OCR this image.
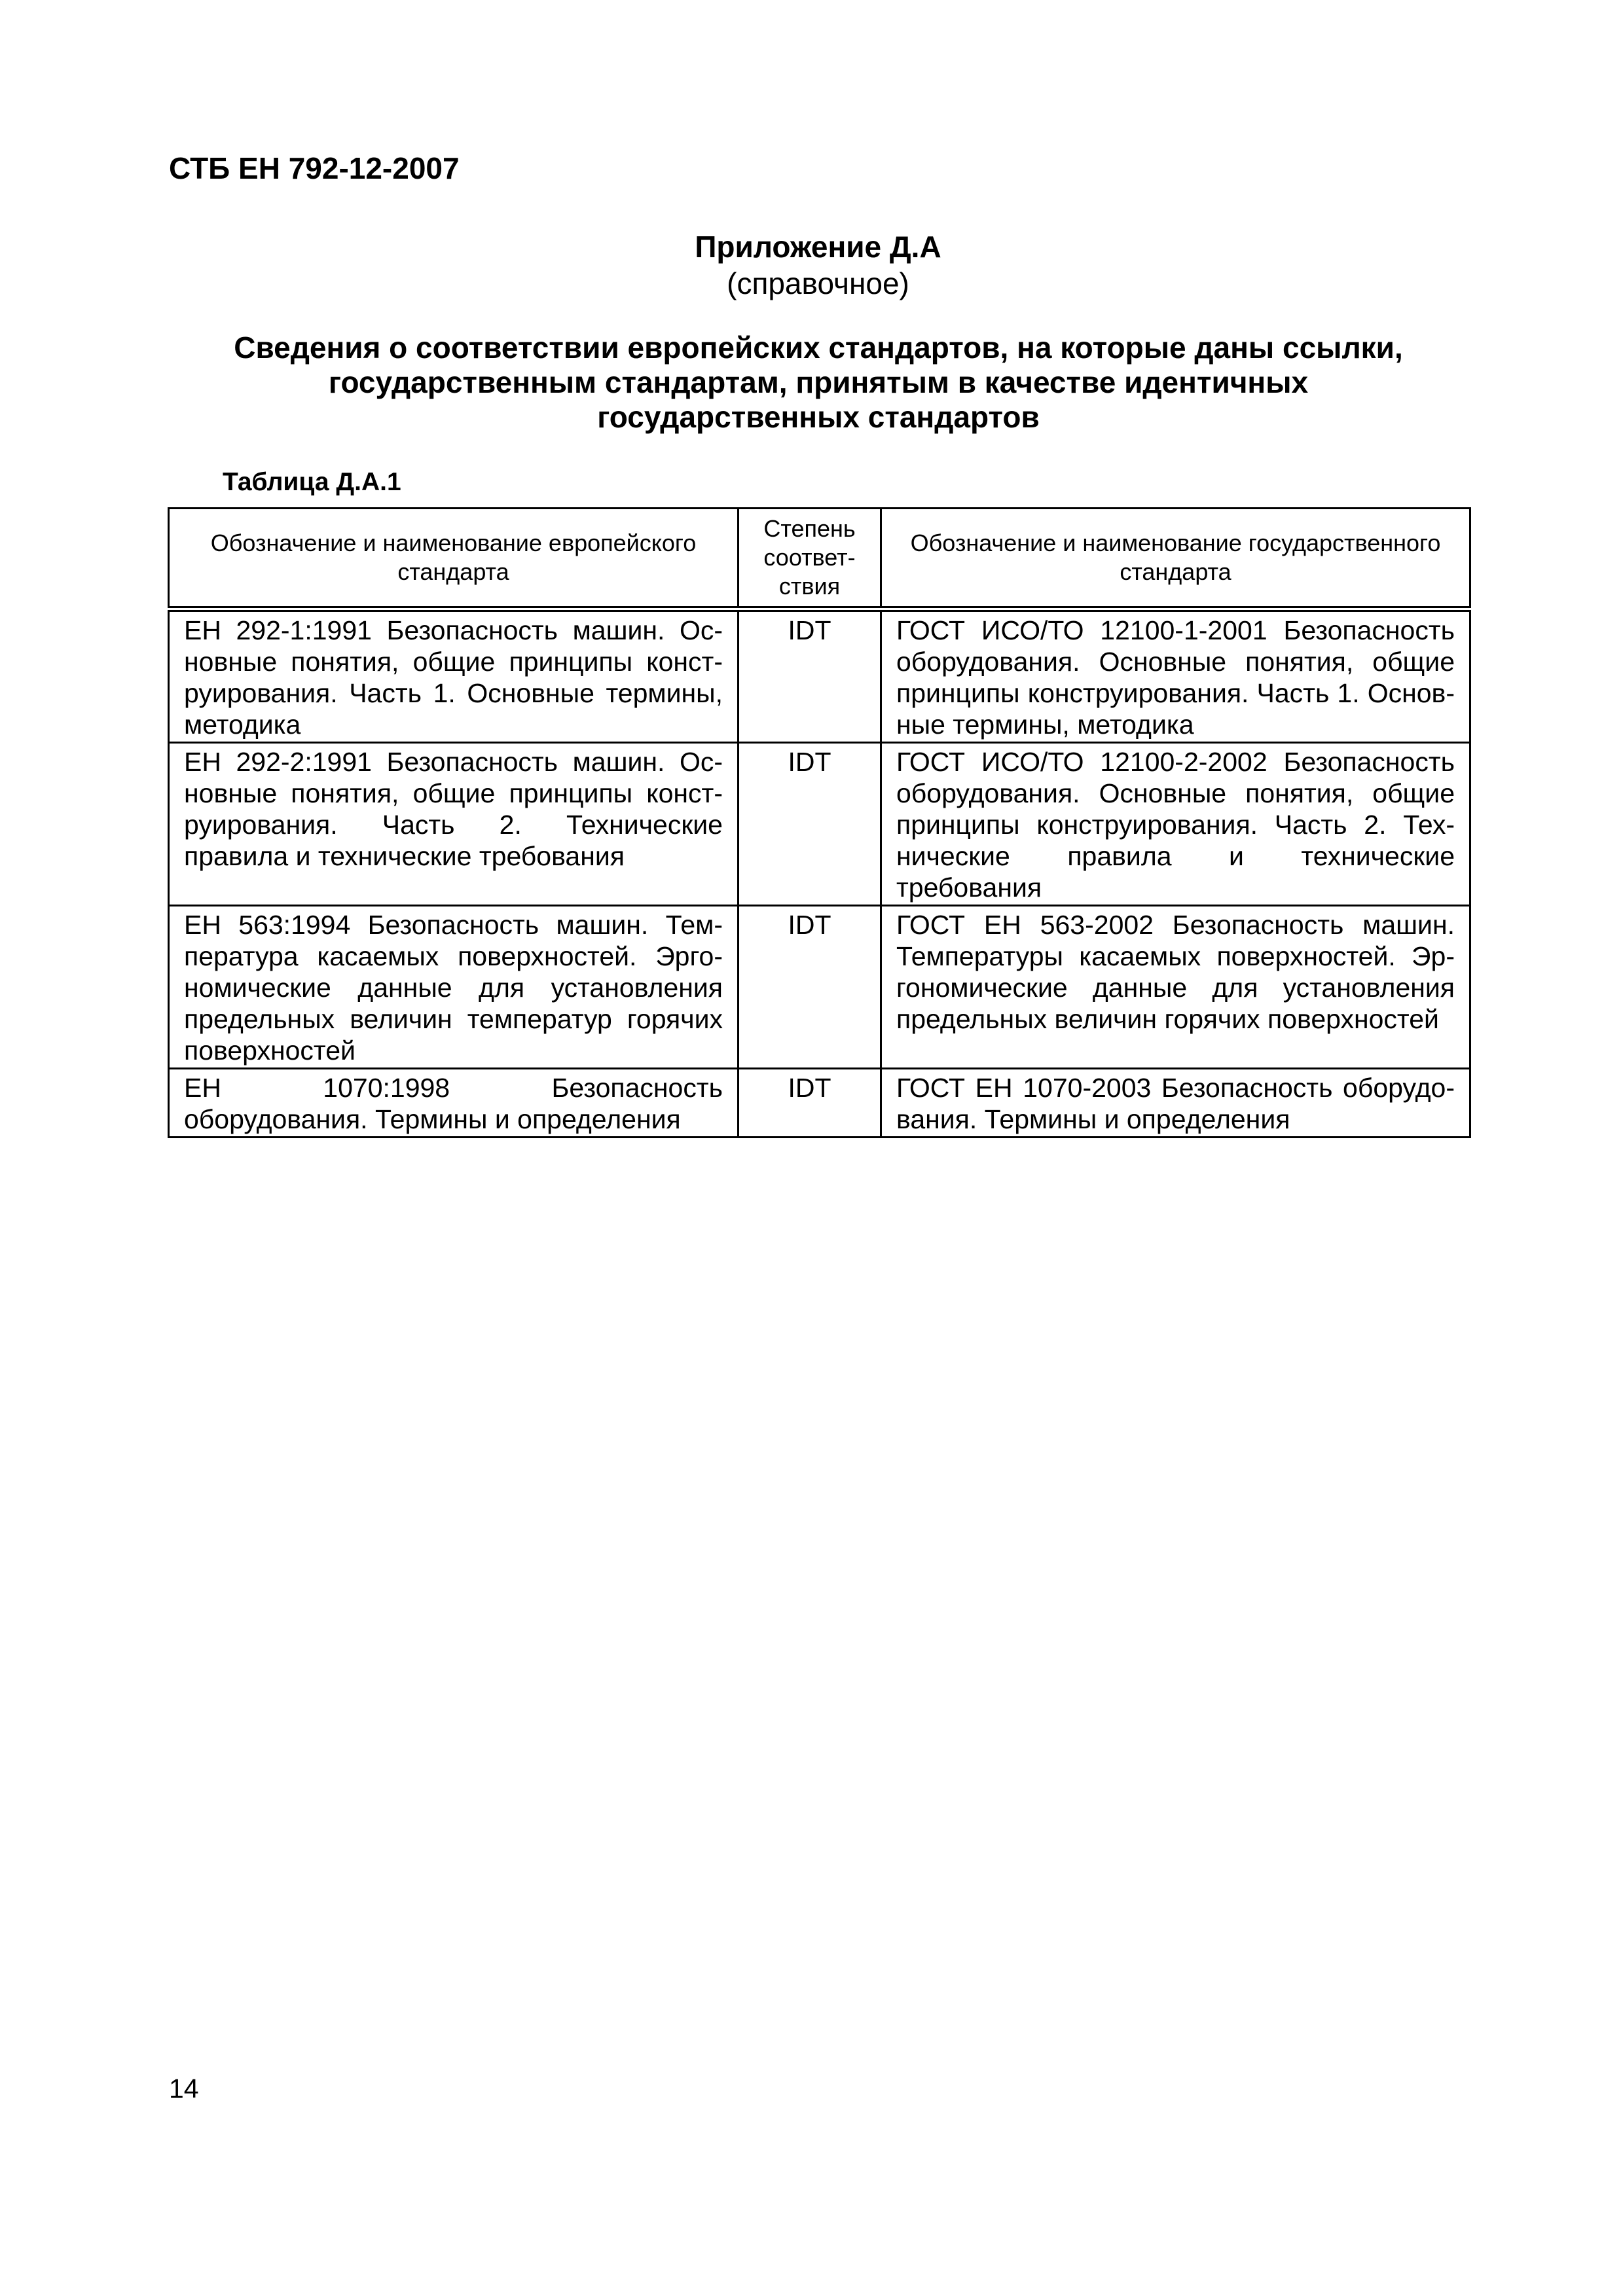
СТБ ЕН 792-12-2007
Приложение Д.А
(справочное)
Сведения о соответствии европейских стандартов, на которые даны ссылки,
государственным стандартам, принятым в качестве идентичных
государственных стандартов
Таблица Д.А.1
Обозначение и наименование европейского стандарта	Степень соответ-ствия	Обозначение и наименование государственного стандарта
ЕН 292-1:1991 Безопасность машин. Основные понятия, общие принципы конструирования. Часть 1. Основные термины, методика	IDT	ГОСТ ИСО/ТО 12100-1-2001 Безопасность оборудования. Основные понятия, общие принципы конструирования. Часть 1. Основные термины, методика
ЕН 292-2:1991 Безопасность машин. Основные понятия, общие принципы конструирования. Часть 2. Технические правила и технические требования	IDT	ГОСТ ИСО/ТО 12100-2-2002 Безопасность оборудования. Основные понятия, общие принципы конструирования. Часть 2. Технические правила и технические требования
ЕН 563:1994 Безопасность машин. Температура касаемых поверхностей. Эргономические данные для установления предельных величин температур горячих поверхностей	IDT	ГОСТ ЕН 563-2002 Безопасность машин. Температуры касаемых поверхностей. Эргономические данные для установления предельных величин горячих поверхностей
ЕН 1070:1998 Безопасность оборудования. Термины и определения	IDT	ГОСТ ЕН 1070-2003 Безопасность оборудования. Термины и определения
14
